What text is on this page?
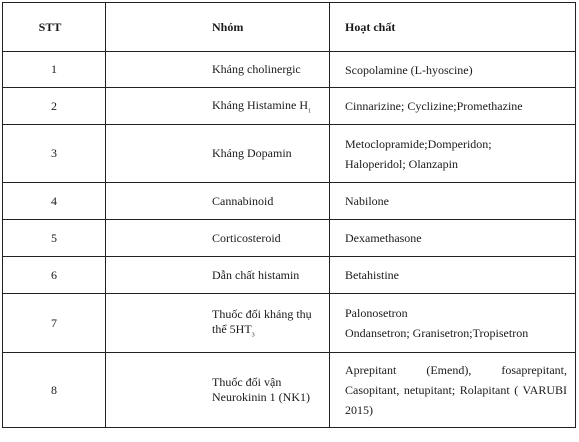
STT	Nhóm	Hoạt chất
1	Kháng cholinergic	Scopolamine (L-hyoscine)

2	Kháng Histamine $H_1$	Cinnarizine; Cyclizine;Promethazine

3	Kháng Dopamin	Metoclopramide;Domperidon;
Haloperidol; Olanzapin

4	Cannabinoid	Nabilone

5	Corticosteroid	Dexamethasone

6	Dẫn chất histamin	Betahistine

7	Thuốc đối kháng thụ thể $5HT_3$	Palonosetron
Ondansetron; Granisetron;Tropisetron

8	Thuốc đối vận Neurokinin 1 (NK1)	Aprepitant (Emend), fosaprepitant, Casopitant, netupitant; Rolapitant ( VARUBI 2015)
